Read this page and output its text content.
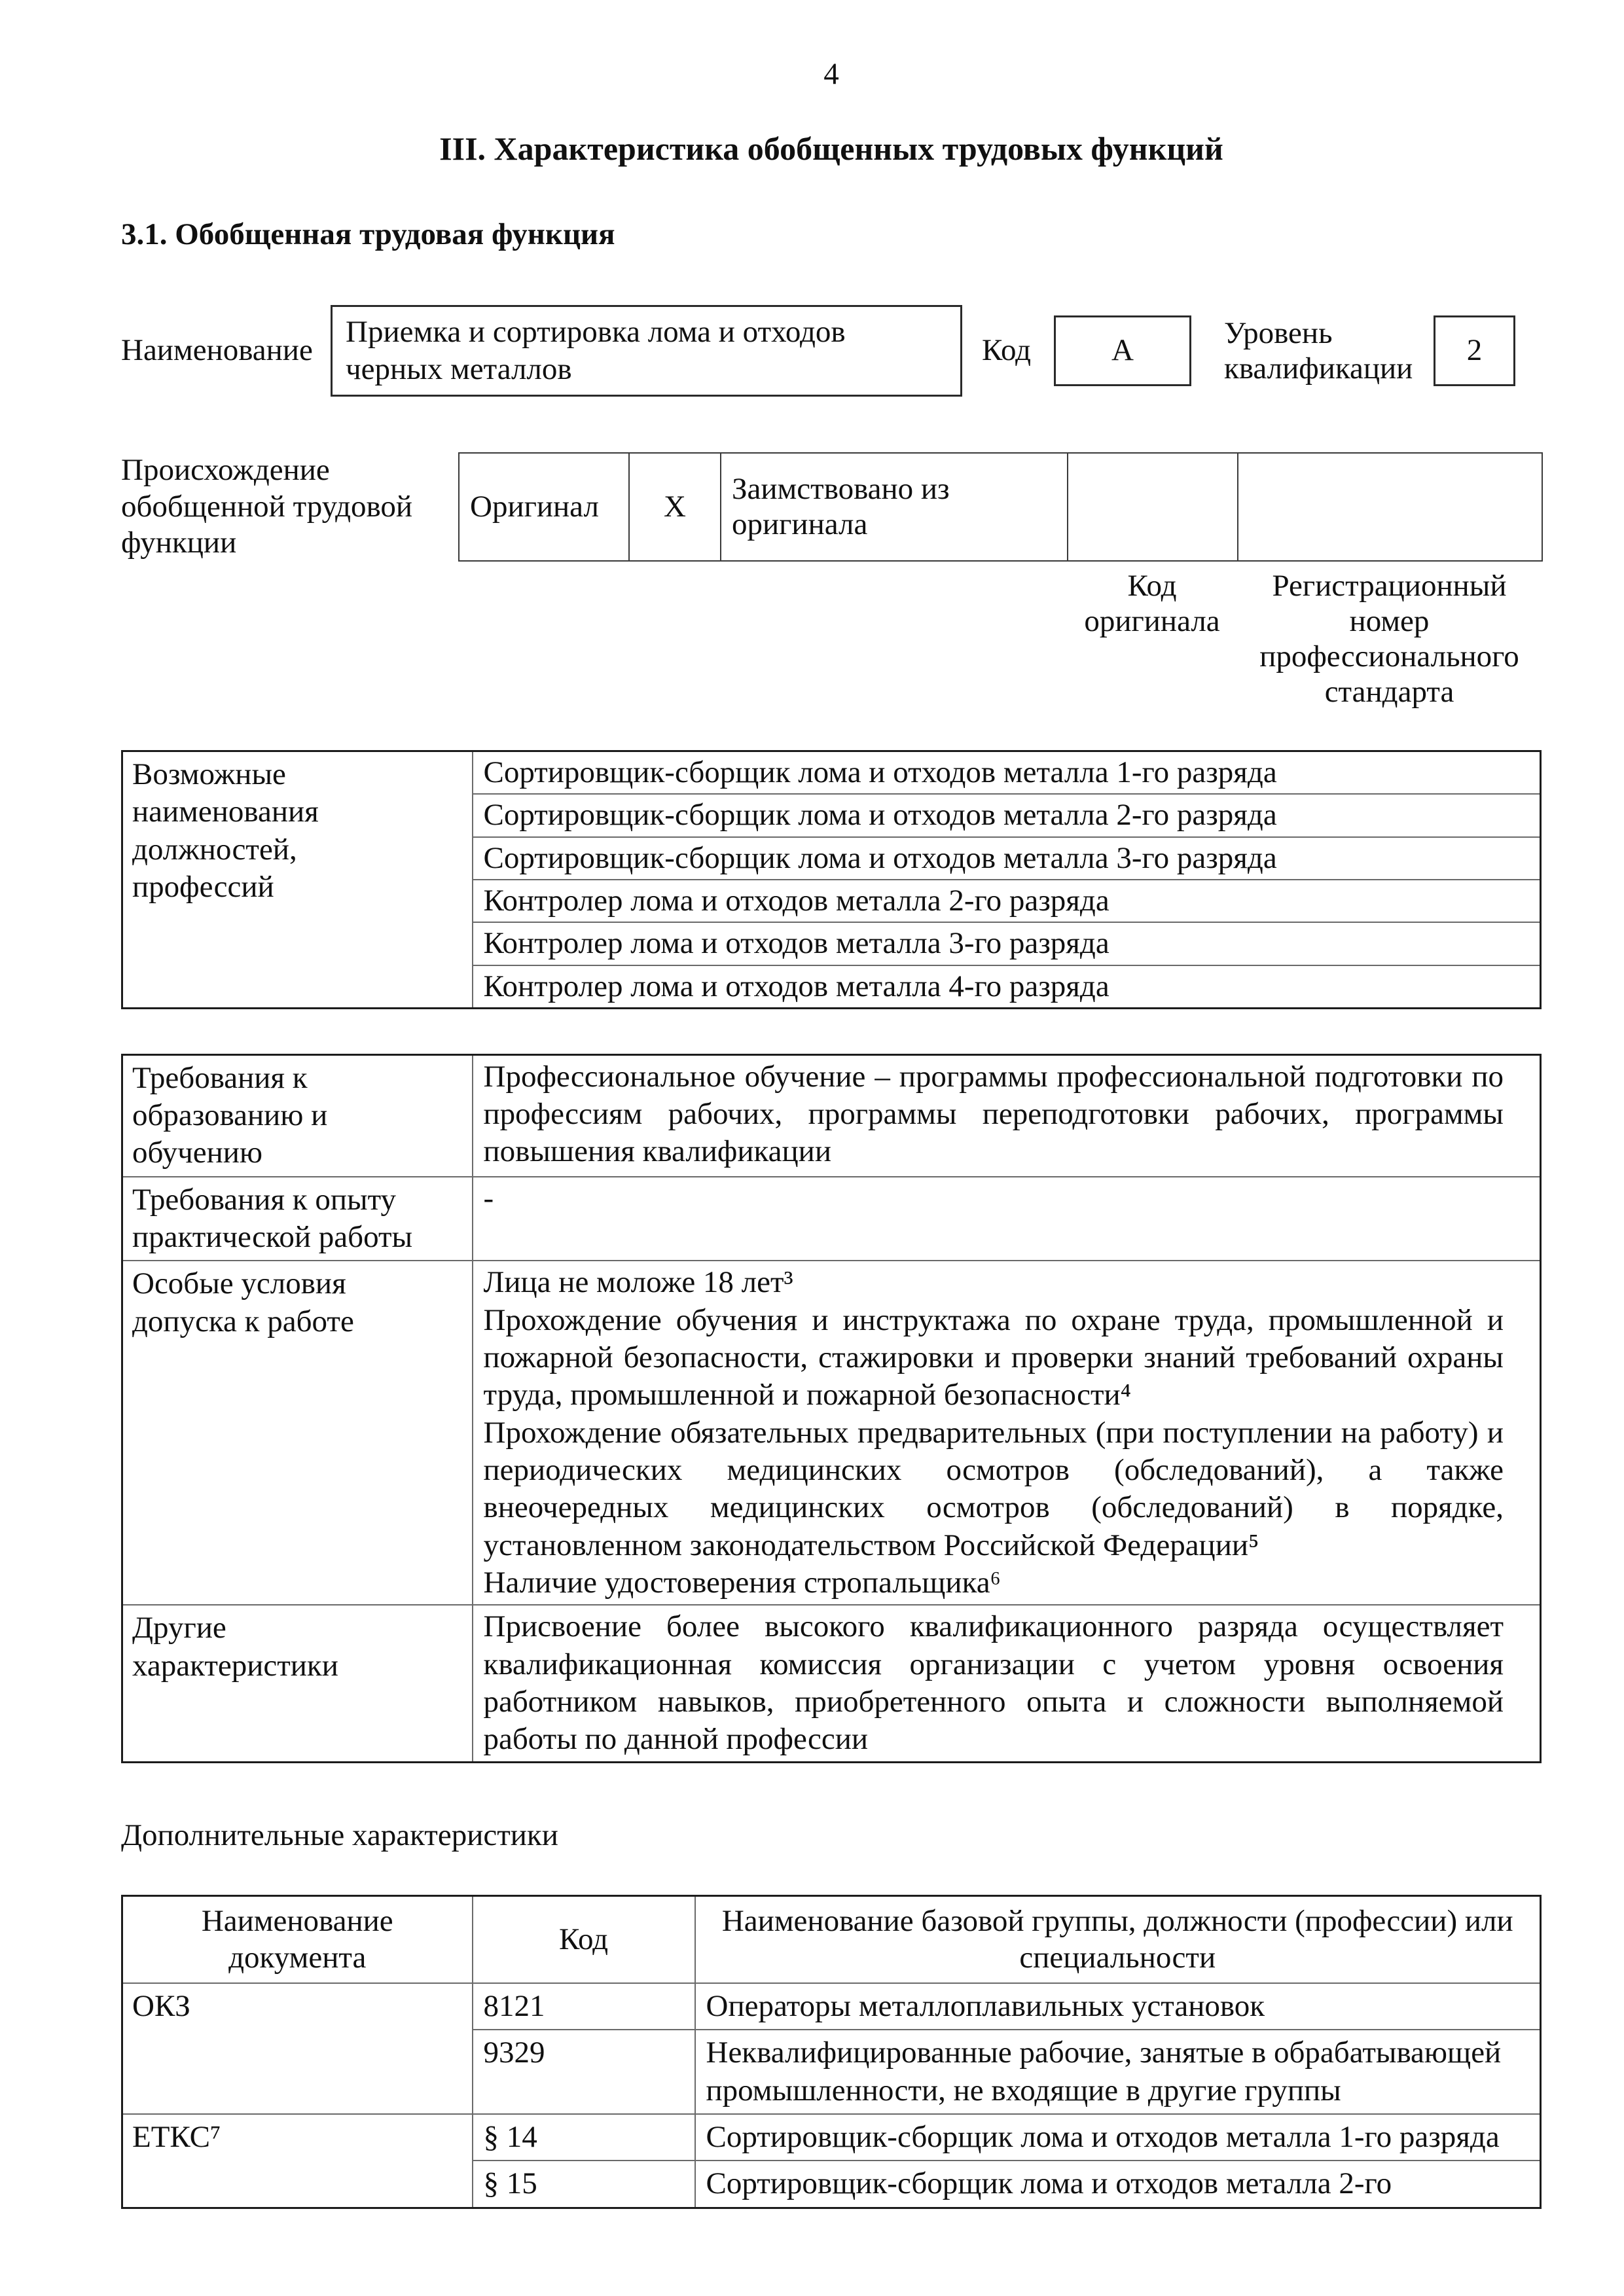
4
III. Характеристика обобщенных трудовых функций
3.1. Обобщенная трудовая функция
Наименование
Приемка и сортировка лома и отходов черных металлов
Код	А
Уровень квалификации
2
Происхождение обобщенной трудовой функции
Оригинал	X	Заимствовано из оригинала		
Код оригинала
Регистрационный номер профессионального стандарта
Возможные наименования должностей, профессий	Сортировщик-сборщик лома и отходов металла 1-го разряда
Сортировщик-сборщик лома и отходов металла 2-го разряда
Сортировщик-сборщик лома и отходов металла 3-го разряда
Контролер лома и отходов металла 2-го разряда
Контролер лома и отходов металла 3-го разряда
Контролер лома и отходов металла 4-го разряда
Требования к образованию и обучению	Профессиональное обучение – программы профессиональной подготовки по профессиям рабочих, программы переподготовки рабочих, программы повышения квалификации
Требования к опыту практической работы	-
Особые условия допуска к работе	Лица не моложе 18 лет³

Прохождение обучения и инструктажа по охране труда, промышленной и пожарной безопасности, стажировки и проверки знаний требований охраны труда, промышленной и пожарной безопасности⁴

Прохождение обязательных предварительных (при поступлении на работу) и периодических медицинских осмотров (обследований), а также внеочередных медицинских осмотров (обследований) в порядке, установленном законодательством Российской Федерации⁵

Наличие удостоверения стропальщика⁶

Другие характеристики	Присвоение более высокого квалификационного разряда осуществляет квалификационная комиссия организации с учетом уровня освоения работником навыков, приобретенного опыта и сложности выполняемой работы по данной профессии
Дополнительные характеристики
Наименование документа	Код	Наименование базовой группы, должности (профессии) или специальности
ОКЗ	8121	Операторы металлоплавильных установок
	9329	Неквалифицированные рабочие, занятые в обрабатывающей промышленности, не входящие в другие группы
ЕТКС⁷	§ 14	Сортировщик-сборщик лома и отходов металла 1-го разряда
	§ 15	Сортировщик-сборщик лома и отходов металла 2-го
